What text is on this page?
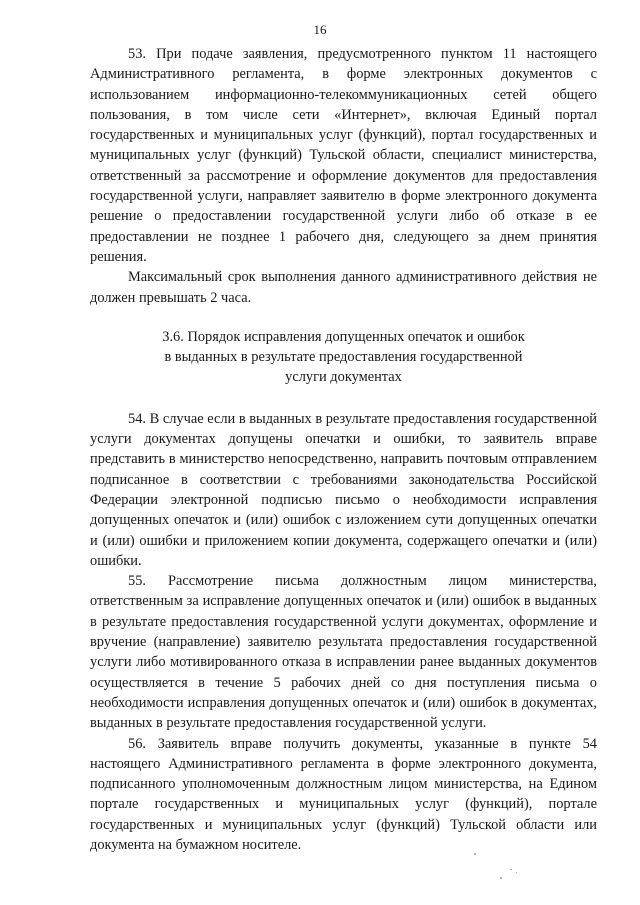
16

53. При подаче заявления, предусмотренного пунктом 11 настоящего Административного регламента, в форме электронных документов с использованием информационно-телекоммуникационных сетей общего пользования, в том числе сети «Интернет», включая Единый портал государственных и муниципальных услуг (функций), портал государственных и муниципальных услуг (функций) Тульской области, специалист министерства, ответственный за рассмотрение и оформление документов для предоставления государственной услуги, направляет заявителю в форме электронного документа решение о предоставлении государственной услуги либо об отказе в ее предоставлении не позднее 1 рабочего дня, следующего за днем принятия решения.

Максимальный срок выполнения данного административного действия не должен превышать 2 часа.

3.6. Порядок исправления допущенных опечаток и ошибок
в выданных в результате предоставления государственной
услуги документах

54. В случае если в выданных в результате предоставления государственной услуги документах допущены опечатки и ошибки, то заявитель вправе представить в министерство непосредственно, направить почтовым отправлением подписанное в соответствии с требованиями законодательства Российской Федерации электронной подписью письмо о необходимости исправления допущенных опечаток и (или) ошибок с изложением сути допущенных опечатки и (или) ошибки и приложением копии документа, содержащего опечатки и (или) ошибки.

55. Рассмотрение письма должностным лицом министерства, ответственным за исправление допущенных опечаток и (или) ошибок в выданных в результате предоставления государственной услуги документах, оформление и вручение (направление) заявителю результата предоставления государственной услуги либо мотивированного отказа в исправлении ранее выданных документов осуществляется в течение 5 рабочих дней со дня поступления письма о необходимости исправления допущенных опечаток и (или) ошибок в документах, выданных в результате предоставления государственной услуги.

56. Заявитель вправе получить документы, указанные в пункте 54 настоящего Административного регламента в форме электронного документа, подписанного уполномоченным должностным лицом министерства, на Едином портале государственных и муниципальных услуг (функций), портале государственных и муниципальных услуг (функций) Тульской области или документа на бумажном носителе.
